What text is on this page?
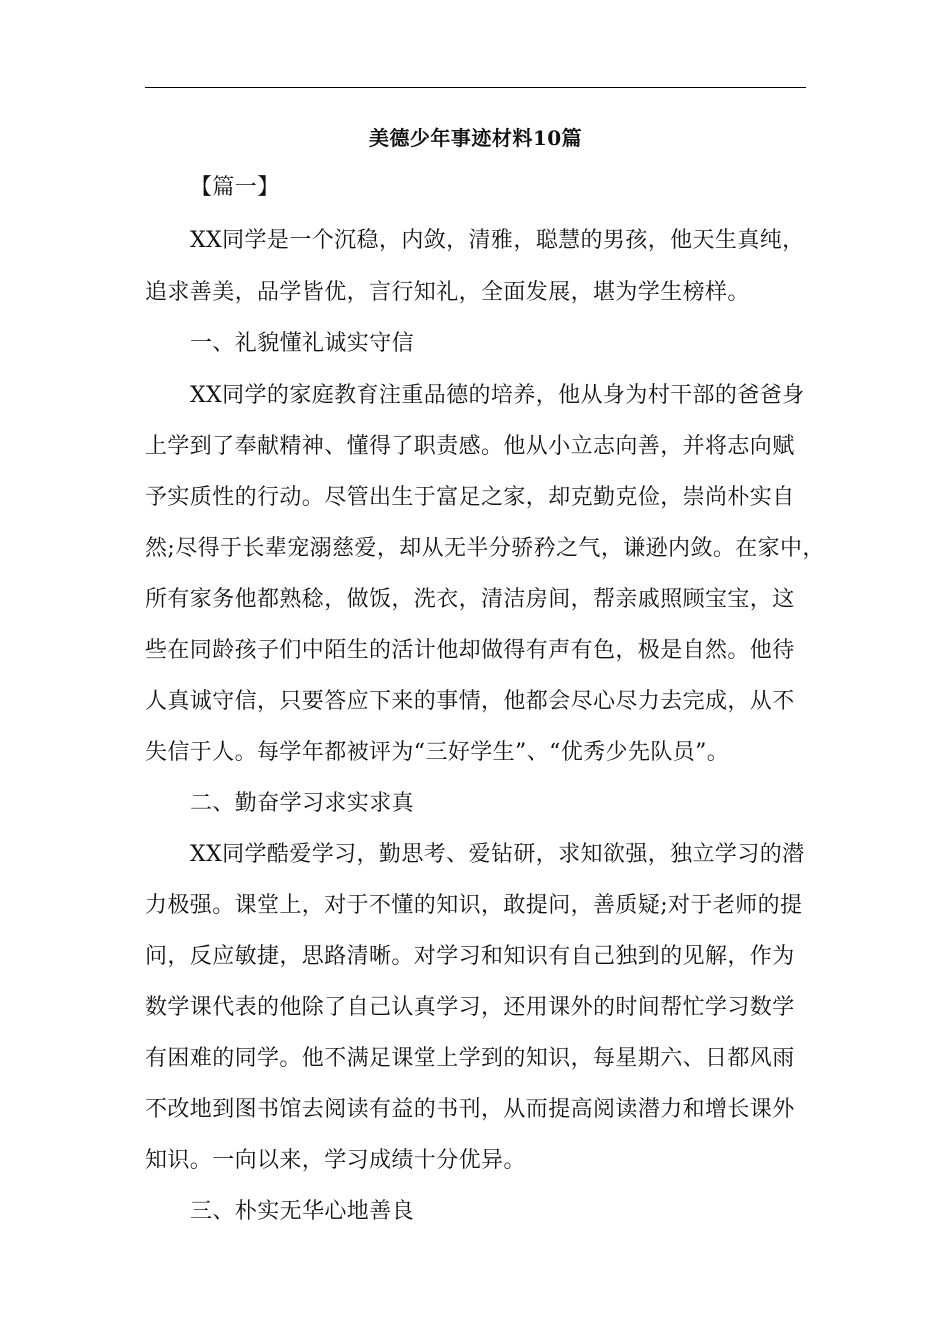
美德少年事迹材料10篇
【篇一】
XX同学是一个沉稳，内敛，清雅，聪慧的男孩，他天生真纯，
追求善美，品学皆优，言行知礼，全面发展，堪为学生榜样。
一、礼貌懂礼诚实守信
XX同学的家庭教育注重品德的培养，他从身为村干部的爸爸身
上学到了奉献精神、懂得了职责感。他从小立志向善，并将志向赋
予实质性的行动。尽管出生于富足之家，却克勤克俭，崇尚朴实自
然;尽得于长辈宠溺慈爱，却从无半分骄矜之气，谦逊内敛。在家中，
所有家务他都熟稔，做饭，洗衣，清洁房间，帮亲戚照顾宝宝，这
些在同龄孩子们中陌生的活计他却做得有声有色，极是自然。他待
人真诚守信，只要答应下来的事情，他都会尽心尽力去完成，从不
失信于人。每学年都被评为“三好学生”、“优秀少先队员”。
二、勤奋学习求实求真
XX同学酷爱学习，勤思考、爱钻研，求知欲强，独立学习的潜
力极强。课堂上，对于不懂的知识，敢提问，善质疑;对于老师的提
问，反应敏捷，思路清晰。对学习和知识有自己独到的见解，作为
数学课代表的他除了自己认真学习，还用课外的时间帮忙学习数学
有困难的同学。他不满足课堂上学到的知识，每星期六、日都风雨
不改地到图书馆去阅读有益的书刊，从而提高阅读潜力和增长课外
知识。一向以来，学习成绩十分优异。
三、朴实无华心地善良
